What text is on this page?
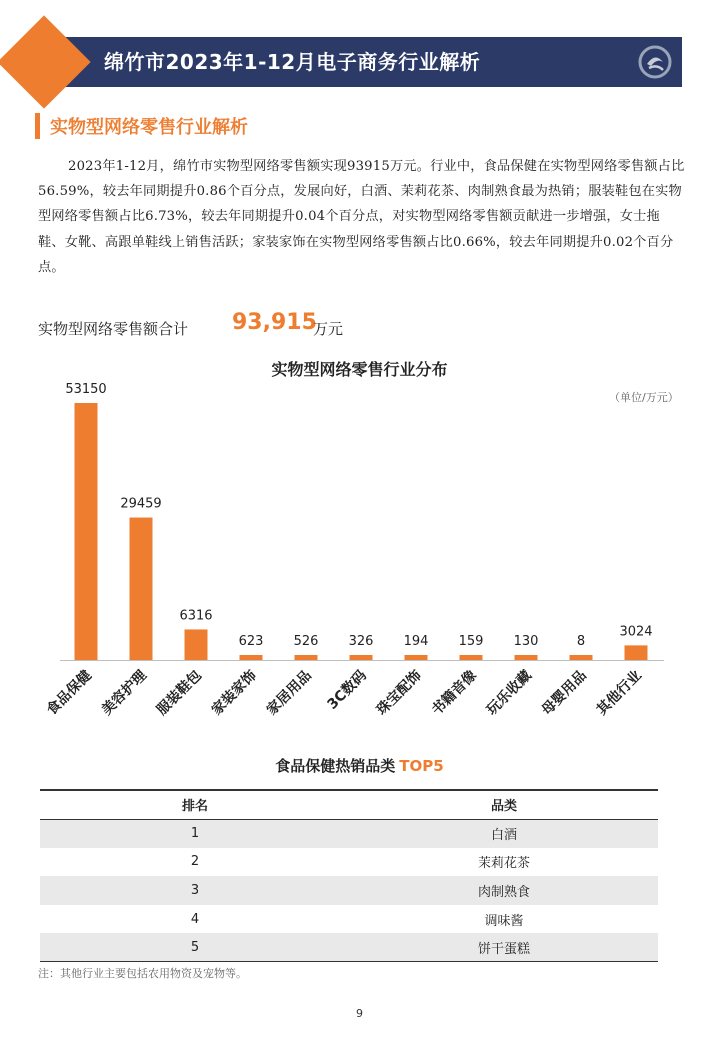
绵竹市2023年1-12月电子商务行业解析
实物型网络零售行业解析

2023年1-12月，绵竹市实物型网络零售额实现93915万元。行业中，食品保健在实物型网络零售额占比56.59%，较去年同期提升0.86个百分点，发展向好，白酒、茉莉花茶、肉制熟食最为热销；服装鞋包在实物型网络零售额占比6.73%，较去年同期提升0.04个百分点，对实物型网络零售额贡献进一步增强，女士拖鞋、女靴、高跟单鞋线上销售活跃；家装家饰在实物型网络零售额占比0.66%，较去年同期提升0.02个百分点。

实物型网络零售额合计 93,915
万元
实物型网络零售行业分布
（单位/万元）
53150
食品保健
29459
美容护理
6316
服装鞋包
623
家装家饰
526
家居用品
326
3C数码
194
珠宝配饰
159
书籍音像
130
玩乐收藏
8
母婴用品
3024
其他行业
食品保健热销品类 TOP5
排名	品类
1	白酒
2	茉莉花茶
3	肉制熟食
4	调味酱
5	饼干蛋糕
注：其他行业主要包括农用物资及宠物等。
9
